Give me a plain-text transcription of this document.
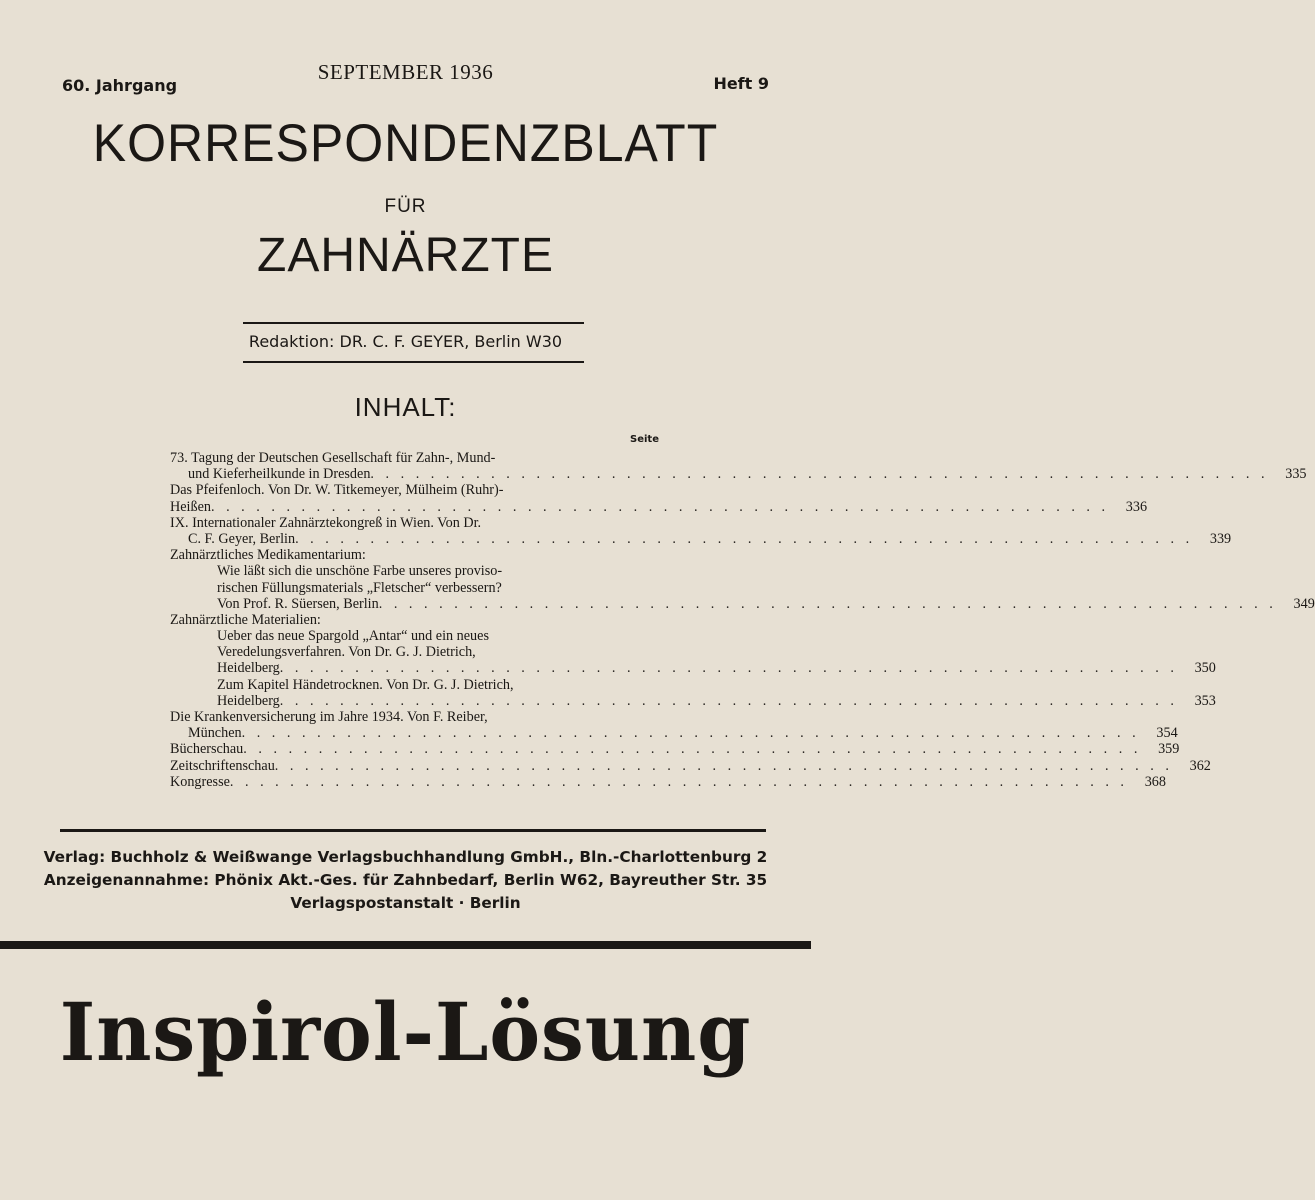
60. Jahrgang
SEPTEMBER 1936	Heft 9
KORRESPONDENZBLATT
FÜR
ZAHNÄRZTE
Redaktion: DR. C. F. GEYER, Berlin W30
INHALT:
Seite
73. Tagung der Deutschen Gesellschaft für Zahn-, Mund-
und Kieferheilkunde in Dresden . . . . . . . . . . . . . . . . . . . . . . . . . . . . . . . . . . . . . . . . . . . . . . . . . . . . . . . . . . . .	335
Das Pfeifenloch. Von Dr. W. Titkemeyer, Mülheim (Ruhr)-
Heißen . . . . . . . . . . . . . . . . . . . . . . . . . . . . . . . . . . . . . . . . . . . . . . . . . . . . . . . . . . . .	336
IX. Internationaler Zahnärztekongreß in Wien. Von Dr.
C. F. Geyer, Berlin . . . . . . . . . . . . . . . . . . . . . . . . . . . . . . . . . . . . . . . . . . . . . . . . . . . . . . . . . . . .	339
Zahnärztliches Medikamentarium:
Wie läßt sich die unschöne Farbe unseres proviso-
rischen Füllungsmaterials „Fletscher“ verbessern?
Von Prof. R. Süersen, Berlin . . . . . . . . . . . . . . . . . . . . . . . . . . . . . . . . . . . . . . . . . . . . . . . . . . . . . . . . . . . .	349
Zahnärztliche Materialien:
Ueber das neue Spargold „Antar“ und ein neues
Veredelungsverfahren. Von Dr. G. J. Dietrich,
Heidelberg . . . . . . . . . . . . . . . . . . . . . . . . . . . . . . . . . . . . . . . . . . . . . . . . . . . . . . . . . . . .	350
Zum Kapitel Händetrocknen. Von Dr. G. J. Dietrich,
Heidelberg . . . . . . . . . . . . . . . . . . . . . . . . . . . . . . . . . . . . . . . . . . . . . . . . . . . . . . . . . . . .	353
Die Krankenversicherung im Jahre 1934. Von F. Reiber,
München . . . . . . . . . . . . . . . . . . . . . . . . . . . . . . . . . . . . . . . . . . . . . . . . . . . . . . . . . . . .	354
Bücherschau . . . . . . . . . . . . . . . . . . . . . . . . . . . . . . . . . . . . . . . . . . . . . . . . . . . . . . . . . . . .	359
Zeitschriftenschau . . . . . . . . . . . . . . . . . . . . . . . . . . . . . . . . . . . . . . . . . . . . . . . . . . . . . . . . . . . .	362
Kongresse . . . . . . . . . . . . . . . . . . . . . . . . . . . . . . . . . . . . . . . . . . . . . . . . . . . . . . . . . . . .	368
Verlag: Buchholz & Weißwange Verlagsbuchhandlung GmbH., Bln.-Charlottenburg 2
Anzeigenannahme: Phönix Akt.-Ges. für Zahnbedarf, Berlin W62, Bayreuther Str. 35
Verlagspostanstalt · Berlin
Inspirol-Lösung
